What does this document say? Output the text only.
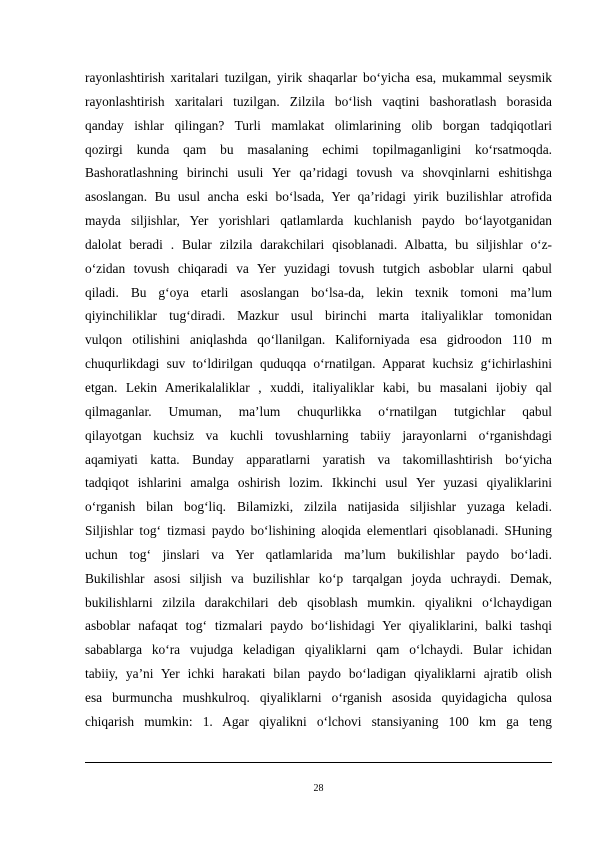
rayonlashtirish xaritalari tuzilgan, yirik shaqarlar bo‘yicha esa, mukammal seysmik
rayonlashtirish xaritalari tuzilgan. Zilzila bo‘lish vaqtini bashoratlash borasida
qanday ishlar qilingan? Turli mamlakat olimlarining olib borgan tadqiqotlari
qozirgi kunda qam bu masalaning echimi topilmaganligini ko‘rsatmoqda.
Bashoratlashning birinchi usuli Yer qa’ridagi tovush va shovqinlarni eshitishga
asoslangan. Bu usul ancha eski bo‘lsada, Yer qa’ridagi yirik buzilishlar atrofida
mayda siljishlar, Yer yorishlari qatlamlarda kuchlanish paydo bo‘layotganidan
dalolat beradi . Bular zilzila darakchilari qisoblanadi. Albatta, bu siljishlar o‘z-
o‘zidan tovush chiqaradi va Yer yuzidagi tovush tutgich asboblar ularni qabul
qiladi. Bu g‘oya etarli asoslangan bo‘lsa-da, lekin texnik tomoni ma’lum
qiyinchiliklar tug‘diradi. Mazkur usul birinchi marta italiyaliklar tomonidan
vulqon otilishini aniqlashda qo‘llanilgan. Kaliforniyada esa gidroodon 110 m
chuqurlikdagi suv to‘ldirilgan quduqqa o‘rnatilgan. Apparat kuchsiz g‘ichirlashini
etgan. Lekin Amerikalaliklar , xuddi, italiyaliklar kabi, bu masalani ijobiy qal
qilmaganlar. Umuman, ma’lum chuqurlikka o‘rnatilgan tutgichlar qabul
qilayotgan kuchsiz va kuchli tovushlarning tabiiy jarayonlarni o‘rganishdagi
aqamiyati katta. Bunday apparatlarni yaratish va takomillashtirish bo‘yicha
tadqiqot ishlarini amalga oshirish lozim. Ikkinchi usul Yer yuzasi qiyaliklarini
o‘rganish bilan bog‘liq. Bilamizki, zilzila natijasida siljishlar yuzaga keladi.
Siljishlar tog‘ tizmasi paydo bo‘lishining aloqida elementlari qisoblanadi. SHuning
uchun tog‘ jinslari va Yer qatlamlarida ma’lum bukilishlar paydo bo‘ladi.
Bukilishlar asosi siljish va buzilishlar ko‘p tarqalgan joyda uchraydi. Demak,
bukilishlarni zilzila darakchilari deb qisoblash mumkin. qiyalikni o‘lchaydigan
asboblar nafaqat tog‘ tizmalari paydo bo‘lishidagi Yer qiyaliklarini, balki tashqi
sabablarga ko‘ra vujudga keladigan qiyaliklarni qam o‘lchaydi. Bular ichidan
tabiiy, ya’ni Yer ichki harakati bilan paydo bo‘ladigan qiyaliklarni ajratib olish
esa burmuncha mushkulroq. qiyaliklarni o‘rganish asosida quyidagicha qulosa
chiqarish mumkin: 1. Agar qiyalikni o‘lchovi stansiyaning 100 km ga teng
28
